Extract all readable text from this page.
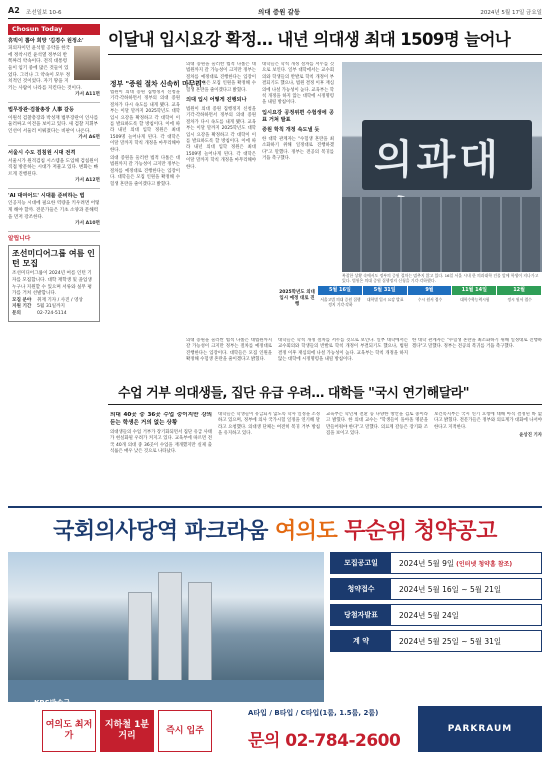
A2 조선일보 10-6	의대 증원 갈등	2024년 5월 17일 금요일
Chosun Today
휴빅이 뽑아 희망 '김경수 원정소'
피의자이던 윤석열 공약을 한국에 정착시킨 윤석열 정부의 반쪽짜리 약속이다. 전직 대통령들이 임기 중에 많은 것들이 있었다. 그러나 그 약속이 모두 정치적인 것이었다. 자기 땅을 지키는 사람이 나라를 지킨다는 것이다.
가서 A11면
법무장관·검찰총장 人事 갈등
이원석 검찰총장과 박성재 법무장관이 인사를 둘러싸고 이견을 보이고 있다. 새 검찰 지휘부 인선이 서둘러 이뤄졌다는 비판이 나온다.
가서 A6면
서울시 수도 검침원 시대 전격
서울시가 원격검침 시스템을 도입해 검침원이 직접 방문하는 시대가 저물고 있다. 변화는 빠르게 진행된다.
가서 A12면
'AI 대여어드' 시대를 준비하는 법
인공지능 시대에 필요한 역량을 키우려면 어떻게 해야 할까. 전문가들은 기초 소양과 문해력을 먼저 강조한다.
가서 A10면
알립니다
조선미디어그룹 여름 인턴 모집
조선미디어그룹이 2024년 여름 인턴 기자를 모집합니다. 대학 재학생 및 졸업생 누구나 지원할 수 있으며 서류와 실무 평가를 거쳐 선발합니다.
모집 분야	취재 기자 / 사진 / 영상
지원 기간	5월 31일까지
문의	02-724-5114
이달내 입시요강 확정… 내년 의대생 최대 1509명 늘어나
정부 "증원 절차 신속히 마무리"

법원이 의대 증원 집행정지 신청을 기각·각하하면서 정부의 의대 증원 절차가 다시 속도를 내게 됐다. 교육부는 이달 말까지 2025학년도 대학 입시 요강을 확정하고 각 대학이 이를 발표하도록 할 방침이다. 이에 따라 내년 의대 입학 정원은 최대 1509명 늘어나게 된다. 각 대학은 이달 말까지 학칙 개정을 마무리해야 한다.

의대 증원을 둘러싼 법적 다툼은 대법원까지 갈 가능성이 크지만 정부는 절차를 예정대로 진행한다는 입장이다. 대학들은 모집 인원을 확정해 수험생 혼란을 줄이겠다고 밝혔다.

의대 증원을 둘러싼 법적 다툼은 대법원까지 갈 가능성이 크지만 정부는 절차를 예정대로 진행한다는 입장이다. 대학들은 모집 인원을 확정해 수험생 혼란을 줄이겠다고 밝혔다.

의대 입시 어떻게 진행되나

법원이 의대 증원 집행정지 신청을 기각·각하하면서 정부의 의대 증원 절차가 다시 속도를 내게 됐다. 교육부는 이달 말까지 2025학년도 대학 입시 요강을 확정하고 각 대학이 이를 발표하도록 할 방침이다. 이에 따라 내년 의대 입학 정원은 최대 1509명 늘어나게 된다. 각 대학은 이달 말까지 학칙 개정을 마무리해야 한다.

대학들은 학칙 개정 절차를 서두를 것으로 보인다. 일부 대학에서는 교수회의와 학생들의 반발로 학칙 개정이 부결되기도 했으나, 법원 결정 이후 재심의에 나설 가능성이 높다. 교육부는 학칙 개정을 하지 않는 대학에 시정명령을 내릴 방침이다.

입시요강 공정위편 수험생에 공표 거쳐 발표
증원 학칙 개정 속도낼 듯

한 대학 관계자는 "수험생 혼란을 최소화하기 위해 일정대로 진행하겠다"고 말했다. 정부는 전공의 복귀를 거듭 촉구했다.	의과대
복잡한 상황 속에서도 정부의 증원 절차는 멈추지 않고 있다. 16일 서울 시내 한 의과대학 건물 앞에 학생이 지나가고 있다. 법원은 의대 증원 집행정지 신청을 기각·각하했다.
2025학년도 의대 입시 예정 대로 진행
5월 16일
서울고법 의대 증원 집행정지 기각·각하
5월 31일
대학별 입시 요강 발표
9월
수시 원서 접수
11월 14일
대학수학능력시험
12월
정시 원서 접수

대학들은 학칙 개정 절차를 서두를 것으로 보인다. 일부 대학에서는 교수회의와 학생들의 반발로 학칙 개정이 부결되기도 했으나, 법원 결정 이후 재심의에 나설 가능성이 높다. 교육부는 학칙 개정을 하지 않는 대학에 시정명령을 내릴 방침이다.

한 대학 관계자는 "수험생 혼란을 최소화하기 위해 일정대로 진행하겠다"고 말했다. 정부는 전공의 복귀를 거듭 촉구했다.

의대 증원을 둘러싼 법적 다툼은 대법원까지 갈 가능성이 크지만 정부는 절차를 예정대로 진행한다는 입장이다. 대학들은 모집 인원을 확정해 수험생 혼란을 줄이겠다고 밝혔다.

수업 거부 의대생들, 집단 유급 우려… 대학들 "국시 연기해달라"
의대 40곳 중 36곳 수업 중이지만 강의 듣는 학생은 거의 없는 상황

의대생들의 수업 거부가 장기화되면서 집단 유급 사태가 현실화될 우려가 커지고 있다. 교육부에 따르면 전국 40개 의대 중 36곳이 수업을 재개했지만 실제 출석률은 매우 낮은 것으로 나타났다.

대학들은 학생들이 유급되지 않도록 학사 일정을 조정하고 있으며, 정부에 의사 국가시험 일정을 연기해 달라고 요청했다. 의대생 단체는 여전히 복귀 거부 방침을 유지하고 있다.

교육부는 학년제 전환 등 다양한 방안을 검토 중이라고 밝혔다. 한 의대 교수는 "학생들이 돌아올 명분을 만들어줘야 한다"고 말했다. 의료계 갈등은 장기화 조짐을 보이고 있다.

보건복지부는 국시 연기 요청에 대해 아직 결정된 바 없다고 밝혔다. 전문가들은 정부와 의료계가 대화에 나서야 한다고 지적한다.

윤상진 기자

국회의사당역 파크라움 여의도 무순위 청약공고
KBS방송국
모집공고일	2024년 5월 9일 (인터넷 청약홈 참조)
청약접수	2024년 5월 16일 ~ 5월 21일
당첨자발표	2024년 5월 24일
계 약	2024년 5월 25일 ~ 5월 31일
여의도 최저가
지하철 1분거리
즉시 입주
A타입 / B타입 / C타입(1룸, 1.5룸, 2룸)
문의 02-784-2600
PARKRAUM
